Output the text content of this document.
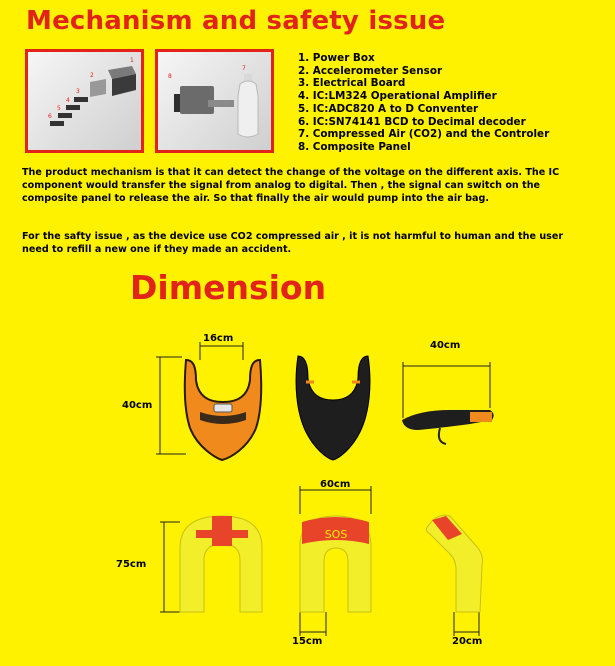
Mechanism and safety issue
1
2
3
4
5
6
8
7
1. Power Box
2. Accelerometer Sensor
3. Electrical Board
4. IC:LM324 Operational Amplifier
5. IC:ADC820 A to D Conventer
6. IC:SN74141 BCD to Decimal decoder
7. Compressed Air (CO2) and the Controler
8. Composite Panel

The product mechanism is that it can detect the change of the voltage on the different axis. The IC component would transfer the signal from analog to digital. Then , the signal can switch on the composite panel to release the air. So that finally the air would pump into the air bag.

For the safty issue , as the device use CO2 compressed air , it is not harmful to human and the user need to refill a new one if they made an accident.

Dimension
SOS
16cm
40cm
40cm
60cm
75cm
15cm	20cm
